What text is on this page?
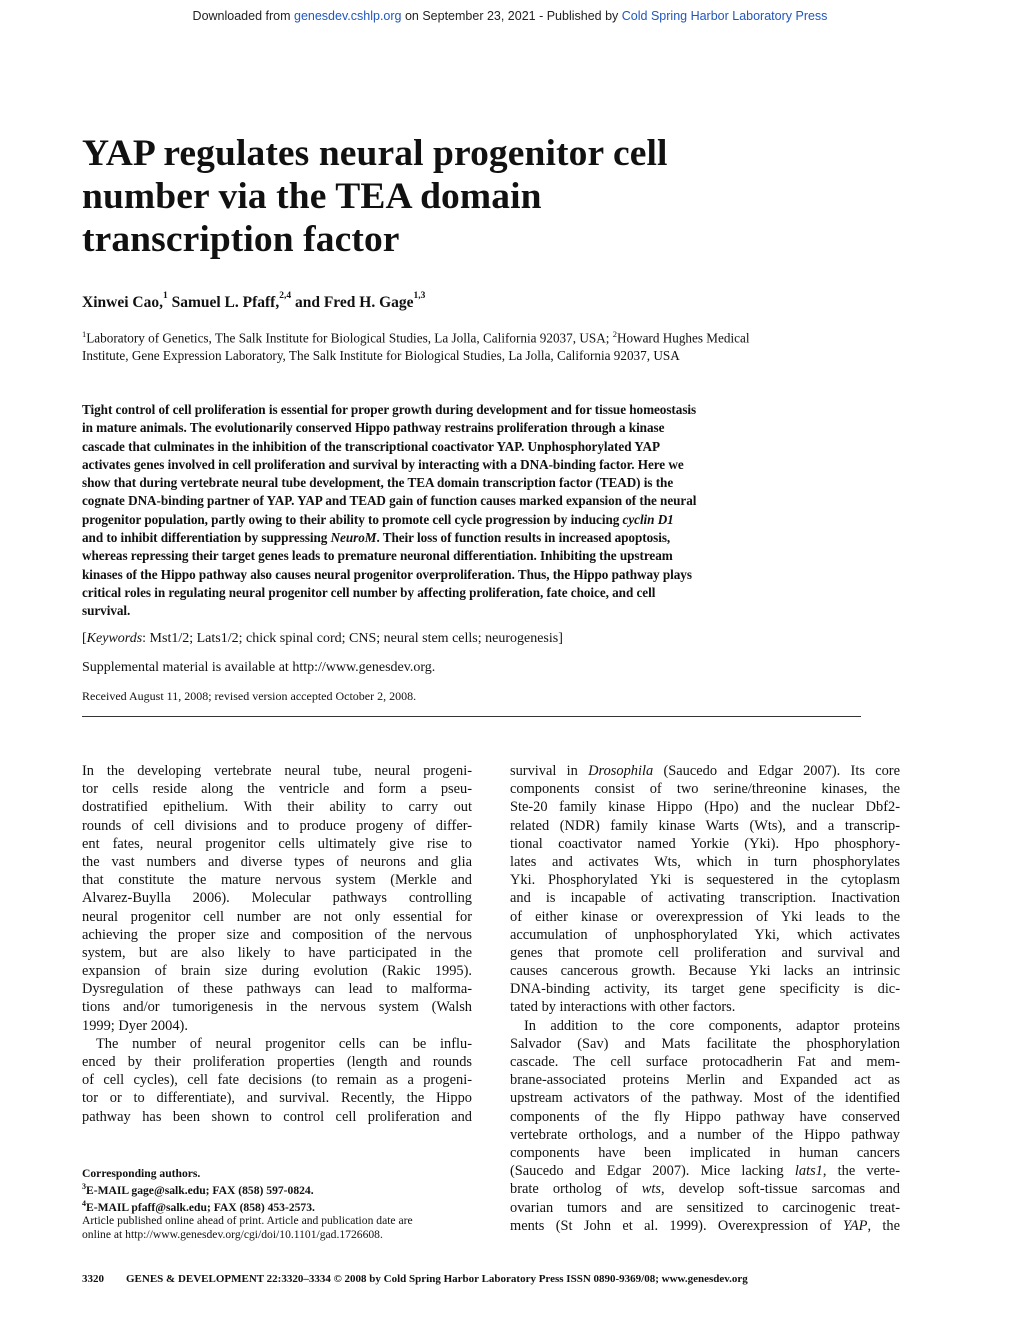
Downloaded from genesdev.cshlp.org on September 23, 2021 - Published by Cold Spring Harbor Laboratory Press
YAP regulates neural progenitor cell
number via the TEA domain
transcription factor
Xinwei Cao,$^1$ Samuel L. Pfaff,$^{2,4}$ and Fred H. Gage$^{1,3}$
$^1$Laboratory of Genetics, The Salk Institute for Biological Studies, La Jolla, California 92037, USA; $^2$Howard Hughes Medical
Institute, Gene Expression Laboratory, The Salk Institute for Biological Studies, La Jolla, California 92037, USA
Tight control of cell proliferation is essential for proper growth during development and for tissue homeostasis
in mature animals. The evolutionarily conserved Hippo pathway restrains proliferation through a kinase
cascade that culminates in the inhibition of the transcriptional coactivator YAP. Unphosphorylated YAP
activates genes involved in cell proliferation and survival by interacting with a DNA-binding factor. Here we
show that during vertebrate neural tube development, the TEA domain transcription factor (TEAD) is the
cognate DNA-binding partner of YAP. YAP and TEAD gain of function causes marked expansion of the neural
progenitor population, partly owing to their ability to promote cell cycle progression by inducing cyclin D1
and to inhibit differentiation by suppressing NeuroM. Their loss of function results in increased apoptosis,
whereas repressing their target genes leads to premature neuronal differentiation. Inhibiting the upstream
kinases of the Hippo pathway also causes neural progenitor overproliferation. Thus, the Hippo pathway plays
critical roles in regulating neural progenitor cell number by affecting proliferation, fate choice, and cell
survival.
[Keywords: Mst1/2; Lats1/2; chick spinal cord; CNS; neural stem cells; neurogenesis]
Supplemental material is available at http://www.genesdev.org.
Received August 11, 2008; revised version accepted October 2, 2008.
In the developing vertebrate neural tube, neural progeni-
tor cells reside along the ventricle and form a pseu-
dostratified epithelium. With their ability to carry out
rounds of cell divisions and to produce progeny of differ-
ent fates, neural progenitor cells ultimately give rise to
the vast numbers and diverse types of neurons and glia
that constitute the mature nervous system (Merkle and
Alvarez-Buylla 2006). Molecular pathways controlling
neural progenitor cell number are not only essential for
achieving the proper size and composition of the nervous
system, but are also likely to have participated in the
expansion of brain size during evolution (Rakic 1995).
Dysregulation of these pathways can lead to malforma-
tions and/or tumorigenesis in the nervous system (Walsh
1999; Dyer 2004).
The number of neural progenitor cells can be influ-
enced by their proliferation properties (length and rounds
of cell cycles), cell fate decisions (to remain as a progeni-
tor or to differentiate), and survival. Recently, the Hippo
pathway has been shown to control cell proliferation and
survival in Drosophila (Saucedo and Edgar 2007). Its core
components consist of two serine/threonine kinases, the
Ste-20 family kinase Hippo (Hpo) and the nuclear Dbf2-
related (NDR) family kinase Warts (Wts), and a transcrip-
tional coactivator named Yorkie (Yki). Hpo phosphory-
lates and activates Wts, which in turn phosphorylates
Yki. Phosphorylated Yki is sequestered in the cytoplasm
and is incapable of activating transcription. Inactivation
of either kinase or overexpression of Yki leads to the
accumulation of unphosphorylated Yki, which activates
genes that promote cell proliferation and survival and
causes cancerous growth. Because Yki lacks an intrinsic
DNA-binding activity, its target gene specificity is dic-
tated by interactions with other factors.
In addition to the core components, adaptor proteins
Salvador (Sav) and Mats facilitate the phosphorylation
cascade. The cell surface protocadherin Fat and mem-
brane-associated proteins Merlin and Expanded act as
upstream activators of the pathway. Most of the identified
components of the fly Hippo pathway have conserved
vertebrate orthologs, and a number of the Hippo pathway
components have been implicated in human cancers
(Saucedo and Edgar 2007). Mice lacking lats1, the verte-
brate ortholog of wts, develop soft-tissue sarcomas and
ovarian tumors and are sensitized to carcinogenic treat-
ments (St John et al. 1999). Overexpression of YAP, the
Corresponding authors.
$^3$E-MAIL gage@salk.edu; FAX (858) 597-0824.
$^4$E-MAIL pfaff@salk.edu; FAX (858) 453-2573.
Article published online ahead of print. Article and publication date are
online at http://www.genesdev.org/cgi/doi/10.1101/gad.1726608.
3320 GENES & DEVELOPMENT 22:3320–3334 © 2008 by Cold Spring Harbor Laboratory Press ISSN 0890-9369/08; www.genesdev.org
